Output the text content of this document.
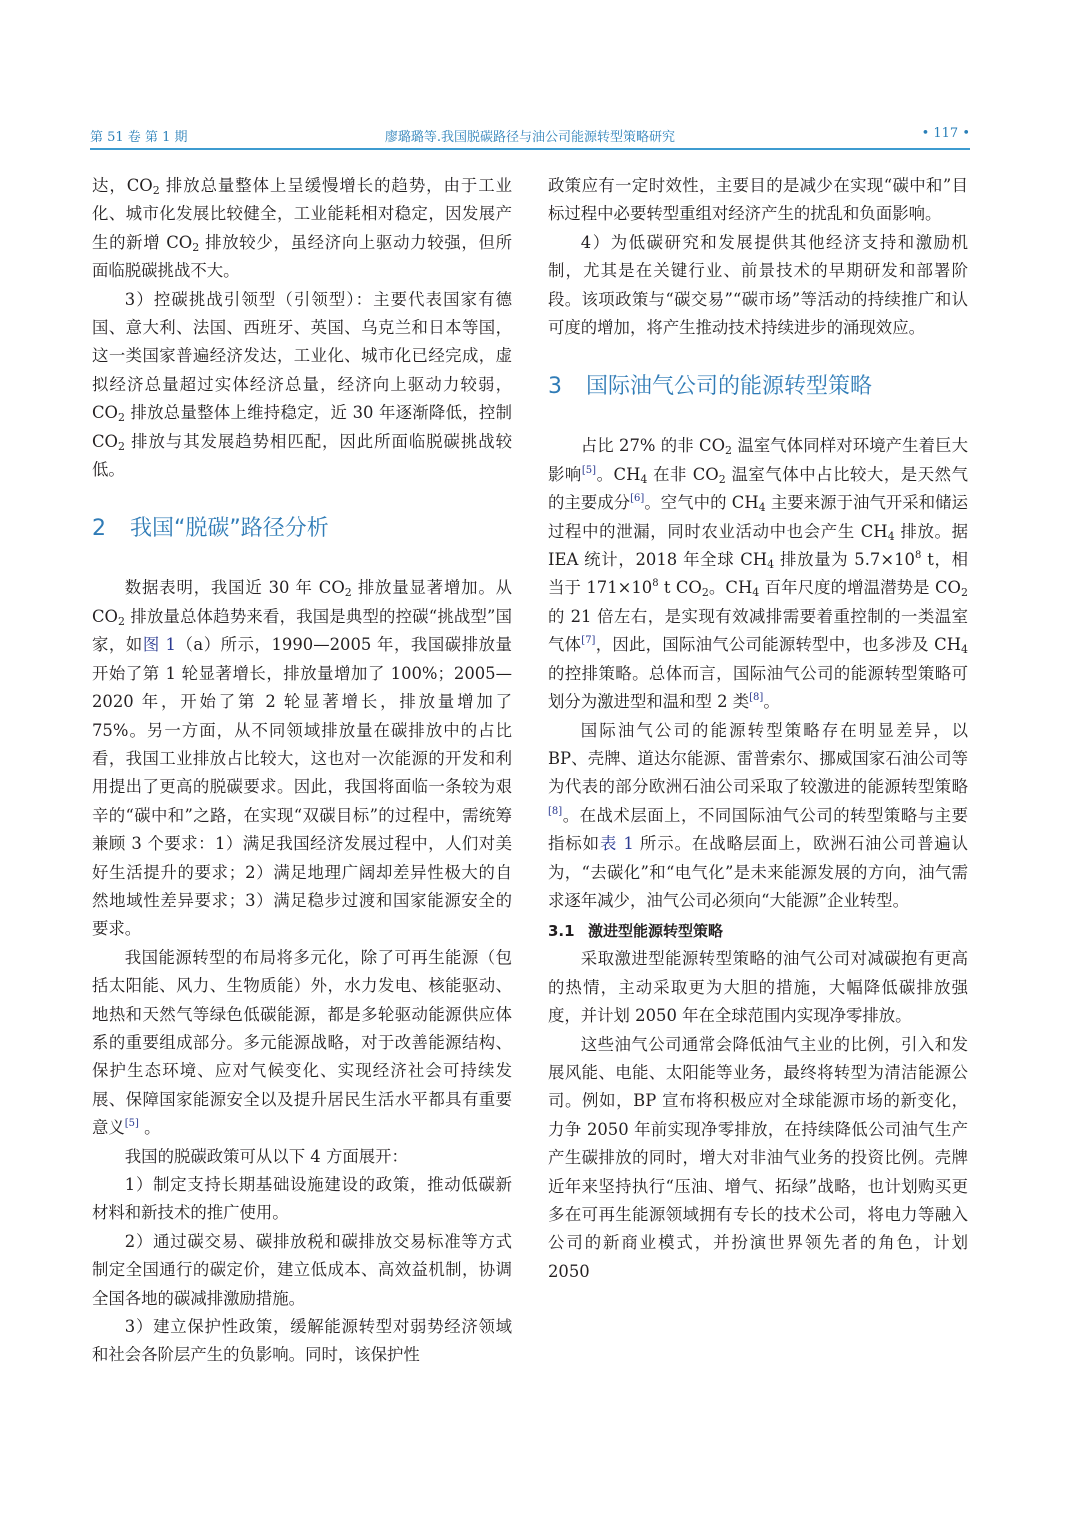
第 51 卷 第 1 期	廖璐璐等.我国脱碳路径与油公司能源转型策略研究	• 117 •

达，$CO_2$ 排放总量整体上呈缓慢增长的趋势，由于工业化、城市化发展比较健全，工业能耗相对稳定，因发展产生的新增 $CO_2$ 排放较少，虽经济向上驱动力较强，但所面临脱碳挑战不大。

3）控碳挑战引领型（引领型）：主要代表国家有德国、意大利、法国、西班牙、英国、乌克兰和日本等国，这一类国家普遍经济发达，工业化、城市化已经完成，虚拟经济总量超过实体经济总量，经济向上驱动力较弱，$CO_2$ 排放总量整体上维持稳定，近 30 年逐渐降低，控制 $CO_2$ 排放与其发展趋势相匹配，因此所面临脱碳挑战较低。

2 我国“脱碳”路径分析

数据表明，我国近 30 年 $CO_2$ 排放量显著增加。从 $CO_2$ 排放量总体趋势来看，我国是典型的控碳“挑战型”国家，如图 1（a）所示，1990—2005 年，我国碳排放量开始了第 1 轮显著增长，排放量增加了 100%；2005—2020 年，开始了第 2 轮显著增长，排放量增加了 75%。另一方面，从不同领域排放量在碳排放中的占比看，我国工业排放占比较大，这也对一次能源的开发和利用提出了更高的脱碳要求。因此，我国将面临一条较为艰辛的“碳中和”之路，在实现“双碳目标”的过程中，需统筹兼顾 3 个要求：1）满足我国经济发展过程中，人们对美好生活提升的要求；2）满足地理广阔却差异性极大的自然地域性差异要求；3）满足稳步过渡和国家能源安全的要求。

我国能源转型的布局将多元化，除了可再生能源（包括太阳能、风力、生物质能）外，水力发电、核能驱动、地热和天然气等绿色低碳能源，都是多轮驱动能源供应体系的重要组成部分。多元能源战略，对于改善能源结构、保护生态环境、应对气候变化、实现经济社会可持续发展、保障国家能源安全以及提升居民生活水平都具有重要意义[5] 。

我国的脱碳政策可从以下 4 方面展开：

1）制定支持长期基础设施建设的政策，推动低碳新材料和新技术的推广使用。

2）通过碳交易、碳排放税和碳排放交易标准等方式制定全国通行的碳定价，建立低成本、高效益机制，协调全国各地的碳减排激励措施。

3）建立保护性政策，缓解能源转型对弱势经济领域和社会各阶层产生的负影响。同时，该保护性

政策应有一定时效性，主要目的是减少在实现“碳中和”目标过程中必要转型重组对经济产生的扰乱和负面影响。

4）为低碳研究和发展提供其他经济支持和激励机制，尤其是在关键行业、前景技术的早期研发和部署阶段。该项政策与“碳交易”“碳市场”等活动的持续推广和认可度的增加，将产生推动技术持续进步的涌现效应。

3 国际油气公司的能源转型策略

占比 27% 的非 $CO_2$ 温室气体同样对环境产生着巨大影响[5]。$CH_4$ 在非 $CO_2$ 温室气体中占比较大，是天然气的主要成分[6]。空气中的 $CH_4$ 主要来源于油气开采和储运过程中的泄漏，同时农业活动中也会产生 $CH_4$ 排放。据 IEA 统计，2018 年全球 $CH_4$ 排放量为 $5.7\times 10^8$ t，相当于 $171\times 10^8$ t $CO_2$。$CH_4$ 百年尺度的增温潜势是 $CO_2$ 的 21 倍左右，是实现有效减排需要着重控制的一类温室气体[7]，因此，国际油气公司能源转型中，也多涉及 $CH_4$ 的控排策略。总体而言，国际油气公司的能源转型策略可划分为激进型和温和型 2 类[8]。

国际油气公司的能源转型策略存在明显差异，以 BP、壳牌、道达尔能源、雷普索尔、挪威国家石油公司等为代表的部分欧洲石油公司采取了较激进的能源转型策略[8]。在战术层面上，不同国际油气公司的转型策略与主要指标如表 1 所示。在战略层面上，欧洲石油公司普遍认为，“去碳化”和“电气化”是未来能源发展的方向，油气需求逐年减少，油气公司必须向“大能源”企业转型。

3.1 激进型能源转型策略

采取激进型能源转型策略的油气公司对减碳抱有更高的热情，主动采取更为大胆的措施，大幅降低碳排放强度，并计划 2050 年在全球范围内实现净零排放。

这些油气公司通常会降低油气主业的比例，引入和发展风能、电能、太阳能等业务，最终将转型为清洁能源公司。例如，BP 宣布将积极应对全球能源市场的新变化，力争 2050 年前实现净零排放，在持续降低公司油气生产产生碳排放的同时，增大对非油气业务的投资比例。壳牌近年来坚持执行“压油、增气、拓绿”战略，也计划购买更多在可再生能源领域拥有专长的技术公司，将电力等融入公司的新商业模式，并扮演世界领先者的角色，计划 2050
